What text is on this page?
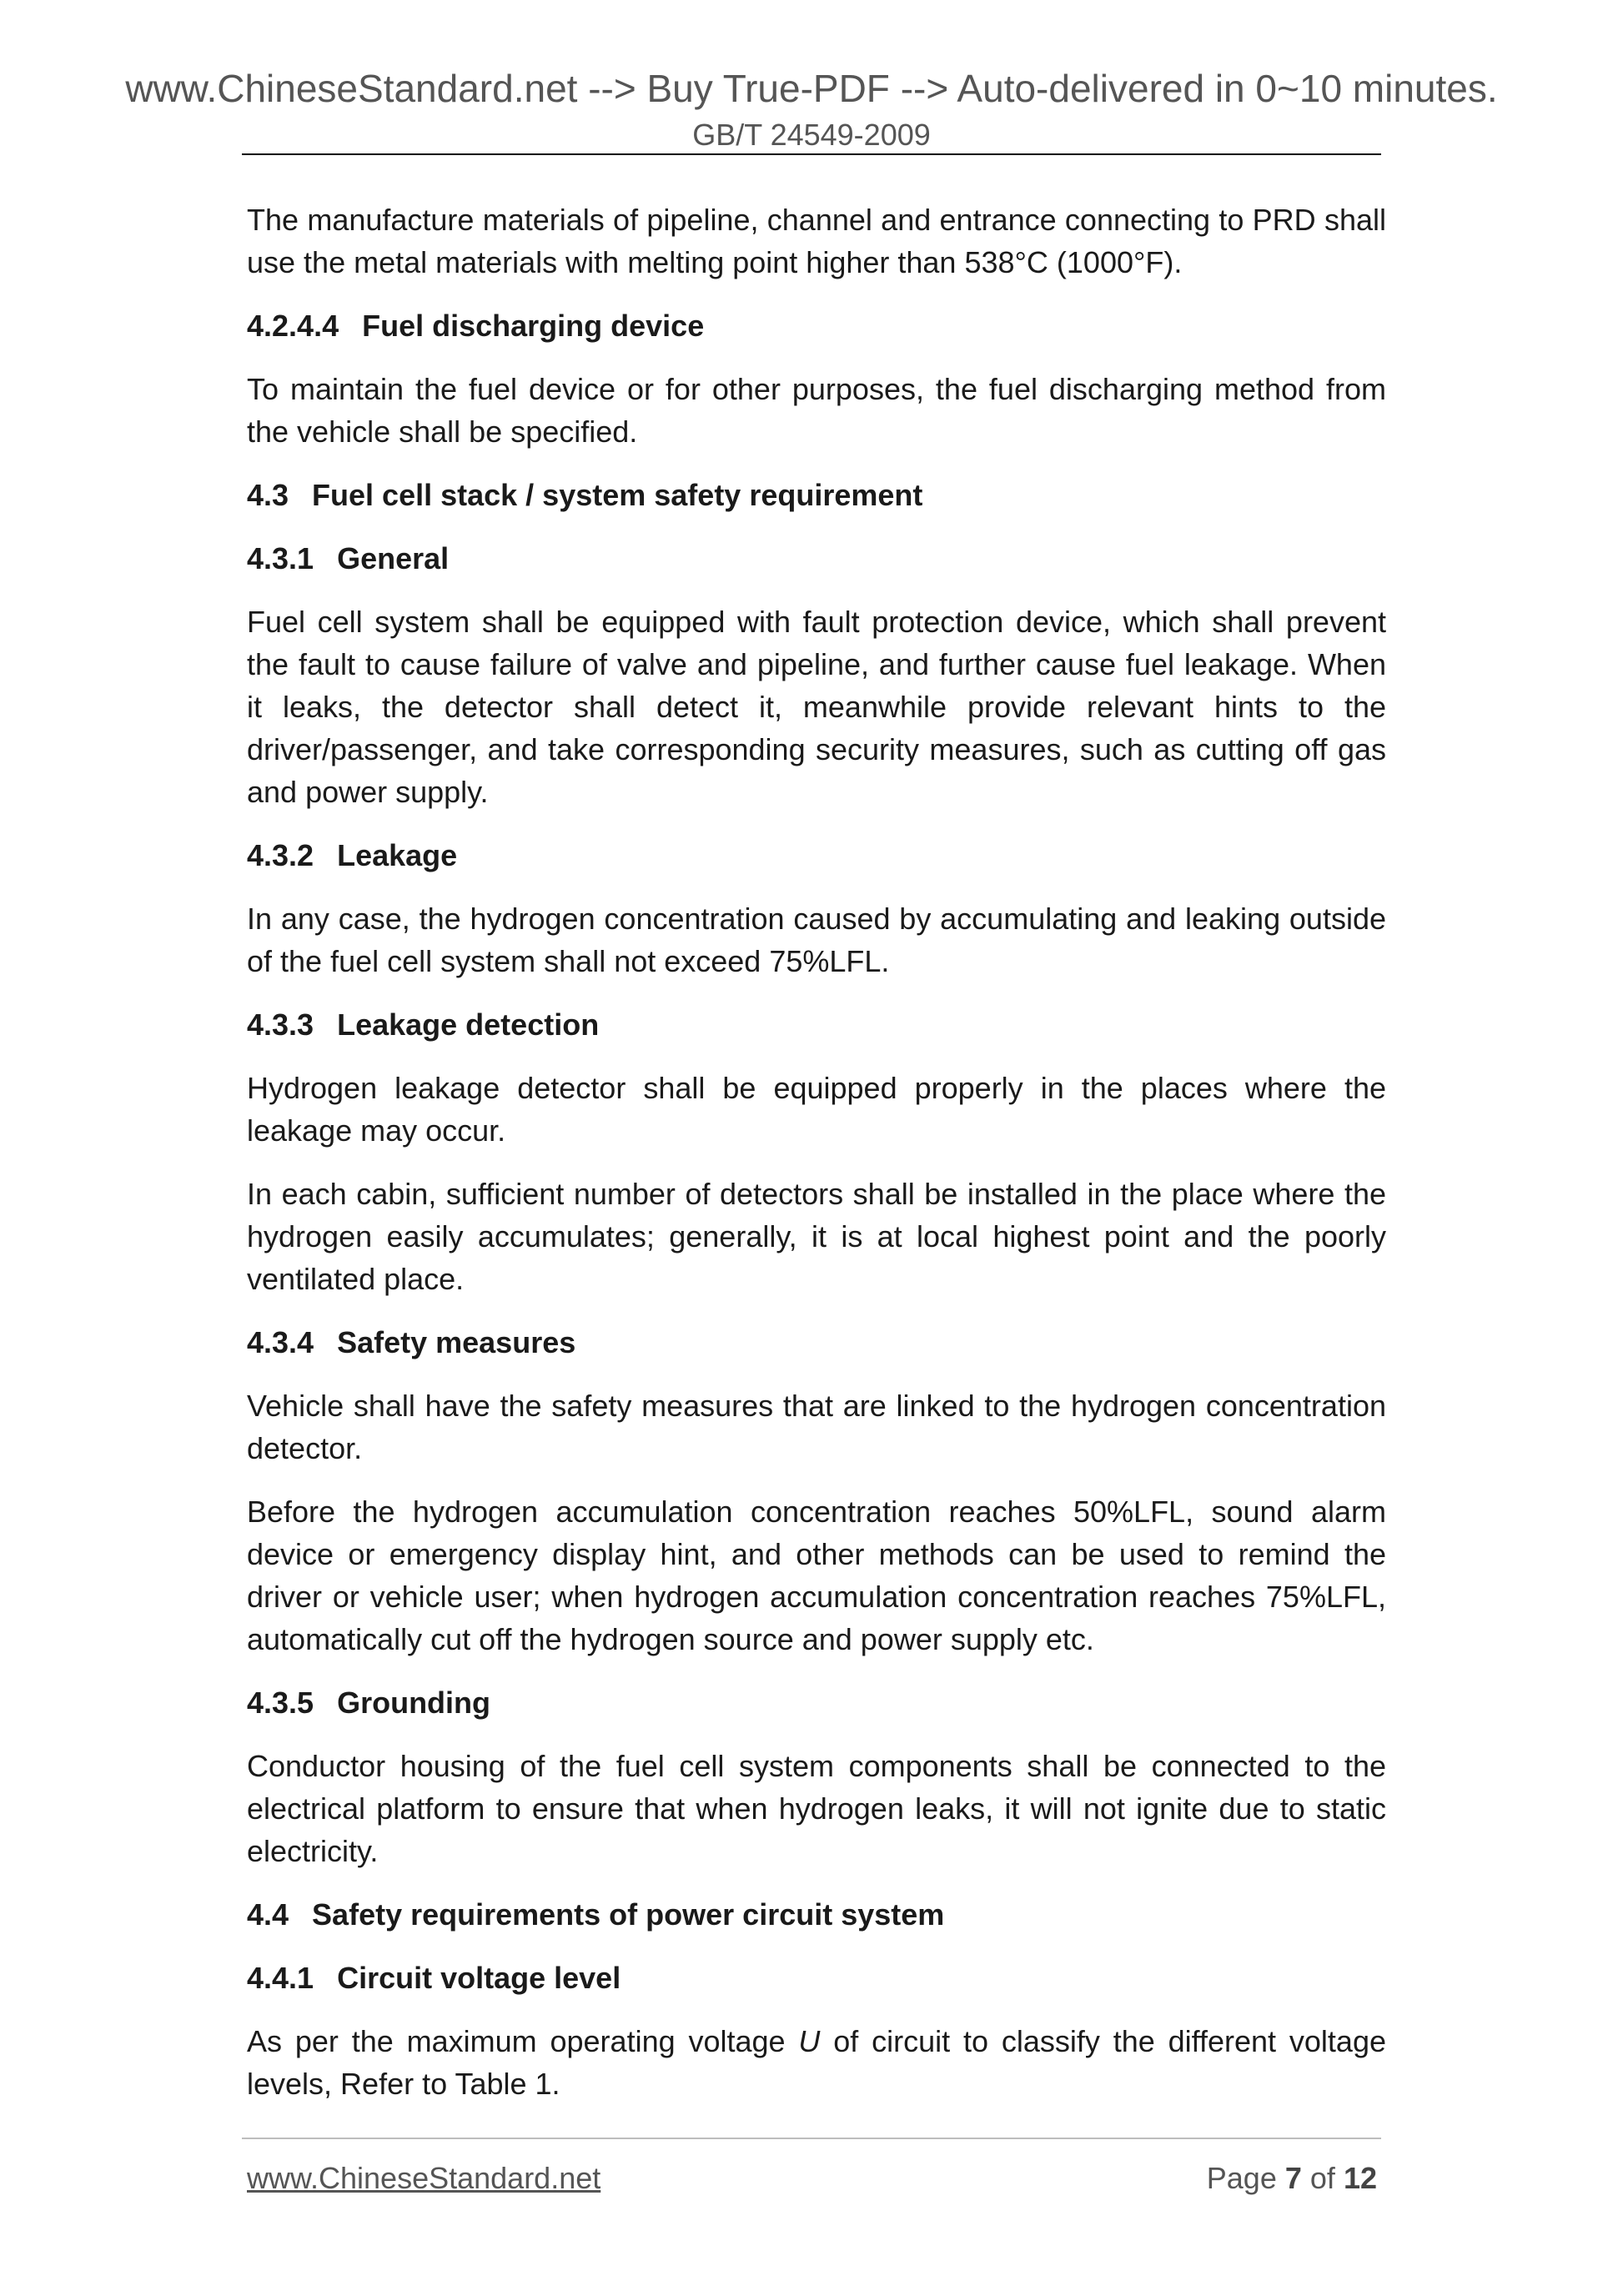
www.ChineseStandard.net --> Buy True-PDF --> Auto-delivered in 0~10 minutes.
GB/T 24549-2009

The manufacture materials of pipeline, channel and entrance connecting to PRD shall use the metal materials with melting point higher than 538°C (1000°F).

4.2.4.4 Fuel discharging device

To maintain the fuel device or for other purposes, the fuel discharging method from the vehicle shall be specified.

4.3 Fuel cell stack / system safety requirement
4.3.1 General

Fuel cell system shall be equipped with fault protection device, which shall prevent the fault to cause failure of valve and pipeline, and further cause fuel leakage. When it leaks, the detector shall detect it, meanwhile provide relevant hints to the driver/passenger, and take corresponding security measures, such as cutting off gas and power supply.

4.3.2 Leakage

In any case, the hydrogen concentration caused by accumulating and leaking outside of the fuel cell system shall not exceed 75%LFL.

4.3.3 Leakage detection

Hydrogen leakage detector shall be equipped properly in the places where the leakage may occur.

In each cabin, sufficient number of detectors shall be installed in the place where the hydrogen easily accumulates; generally, it is at local highest point and the poorly ventilated place.

4.3.4 Safety measures

Vehicle shall have the safety measures that are linked to the hydrogen concentration detector.

Before the hydrogen accumulation concentration reaches 50%LFL, sound alarm device or emergency display hint, and other methods can be used to remind the driver or vehicle user; when hydrogen accumulation concentration reaches 75%LFL, automatically cut off the hydrogen source and power supply etc.

4.3.5 Grounding

Conductor housing of the fuel cell system components shall be connected to the electrical platform to ensure that when hydrogen leaks, it will not ignite due to static electricity.

4.4 Safety requirements of power circuit system
4.4.1 Circuit voltage level

As per the maximum operating voltage U of circuit to classify the different voltage levels, Refer to Table 1.

www.ChineseStandard.net	Page 7 of 12
